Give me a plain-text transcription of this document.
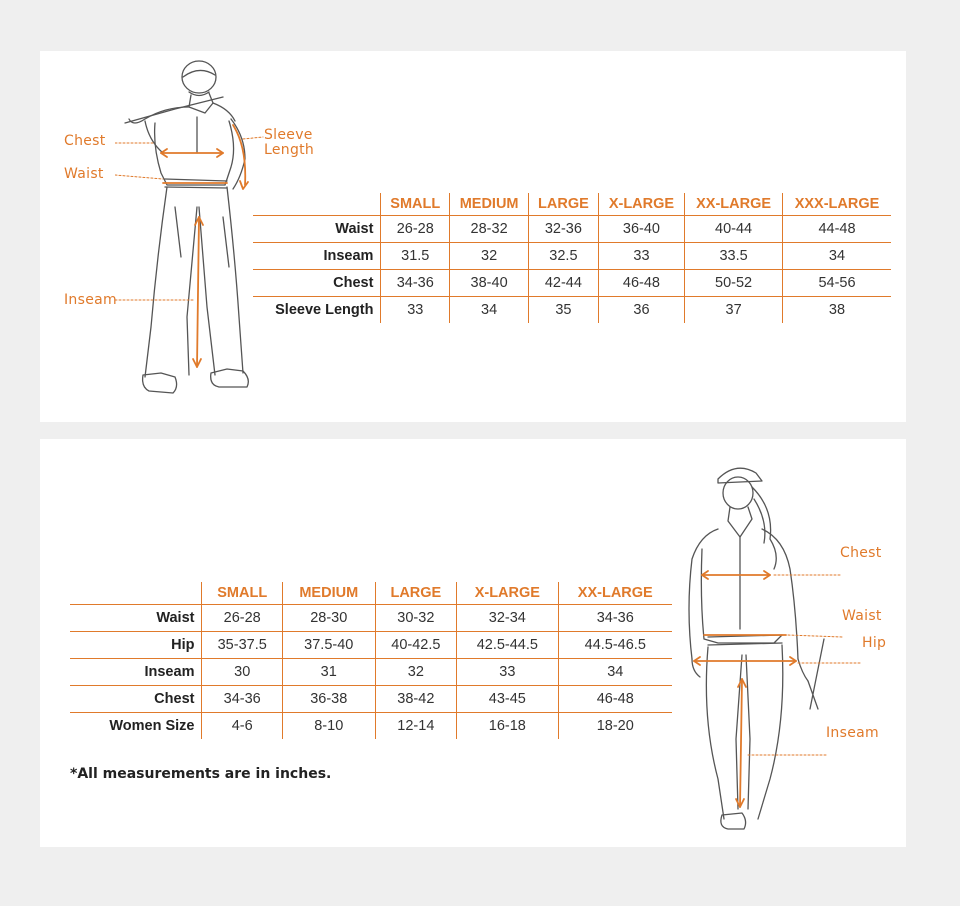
Chest
Waist
Sleeve
Length
Inseam
	SMALL	MEDIUM	LARGE	X-LARGE	XX-LARGE	XXX-LARGE
Waist	26-28	28-32	32-36	36-40	40-44	44-48
Inseam	31.5	32	32.5	33	33.5	34
Chest	34-36	38-40	42-44	46-48	50-52	54-56
Sleeve Length	33	34	35	36	37	38
	SMALL	MEDIUM	LARGE	X-LARGE	XX-LARGE
Waist	26-28	28-30	30-32	32-34	34-36
Hip	35-37.5	37.5-40	40-42.5	42.5-44.5	44.5-46.5
Inseam	30	31	32	33	34
Chest	34-36	36-38	38-42	43-45	46-48
Women Size	4-6	8-10	12-14	16-18	18-20
*All measurements are in inches.
Chest
Waist
Hip
Inseam
